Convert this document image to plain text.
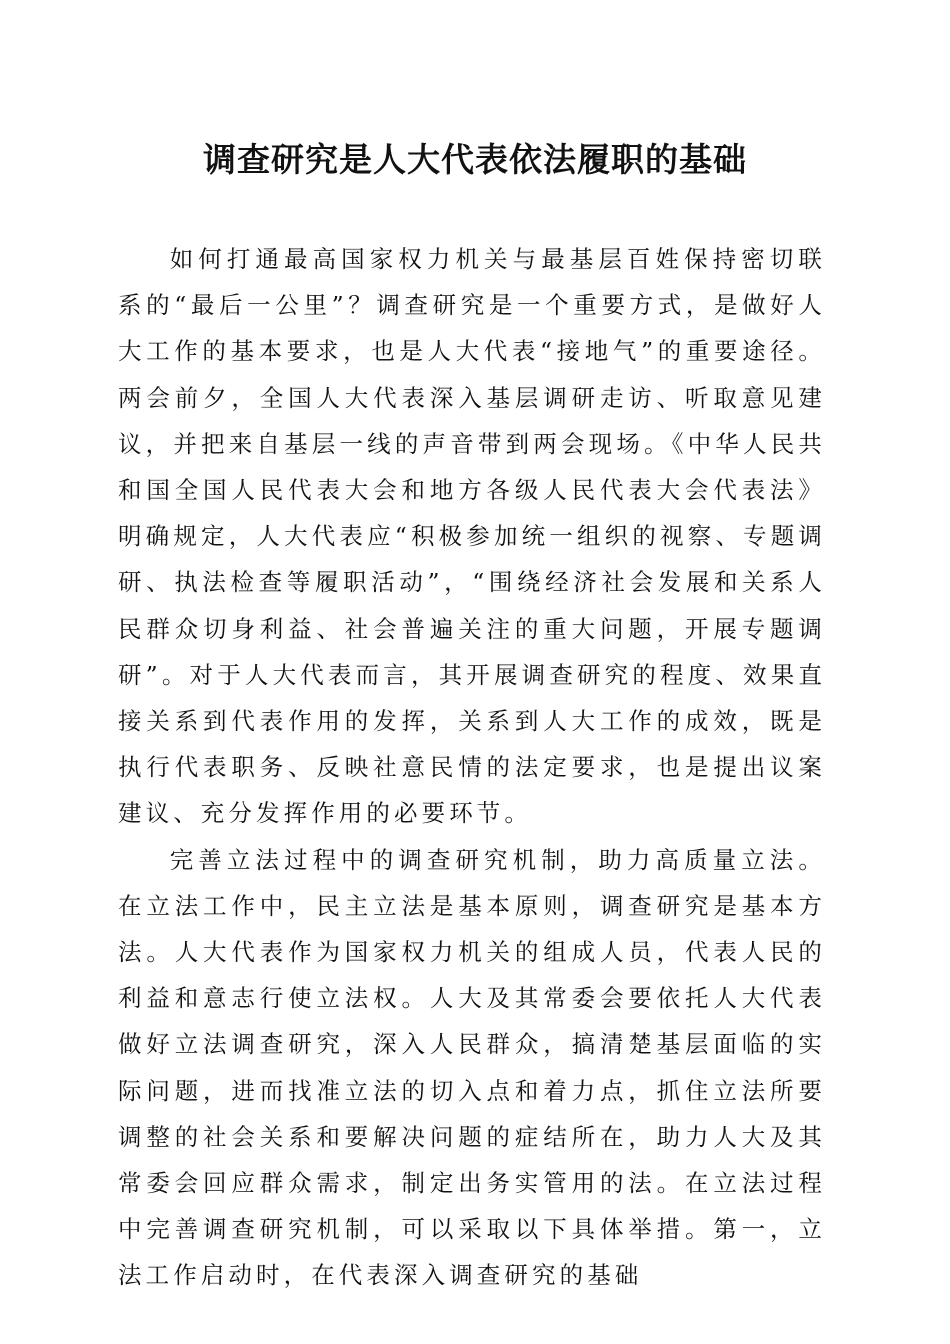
调查研究是人大代表依法履职的基础

如何打通最高国家权力机关与最基层百姓保持密切联系的“最后一公里”？调查研究是一个重要方式，是做好人大工作的基本要求，也是人大代表“接地气”的重要途径。两会前夕，全国人大代表深入基层调研走访、听取意见建议，并把来自基层一线的声音带到两会现场。《中华人民共和国全国人民代表大会和地方各级人民代表大会代表法》明确规定，人大代表应“积极参加统一组织的视察、专题调研、执法检查等履职活动”，“围绕经济社会发展和关系人民群众切身利益、社会普遍关注的重大问题，开展专题调研”。对于人大代表而言，其开展调查研究的程度、效果直接关系到代表作用的发挥，关系到人大工作的成效，既是执行代表职务、反映社意民情的法定要求，也是提出议案建议、充分发挥作用的必要环节。

完善立法过程中的调查研究机制，助力高质量立法。在立法工作中，民主立法是基本原则，调查研究是基本方法。人大代表作为国家权力机关的组成人员，代表人民的利益和意志行使立法权。人大及其常委会要依托人大代表做好立法调查研究，深入人民群众，搞清楚基层面临的实际问题，进而找准立法的切入点和着力点，抓住立法所要调整的社会关系和要解决问题的症结所在，助力人大及其常委会回应群众需求，制定出务实管用的法。在立法过程中完善调查研究机制，可以采取以下具体举措。第一，立法工作启动时，在代表深入调查研究的基础
